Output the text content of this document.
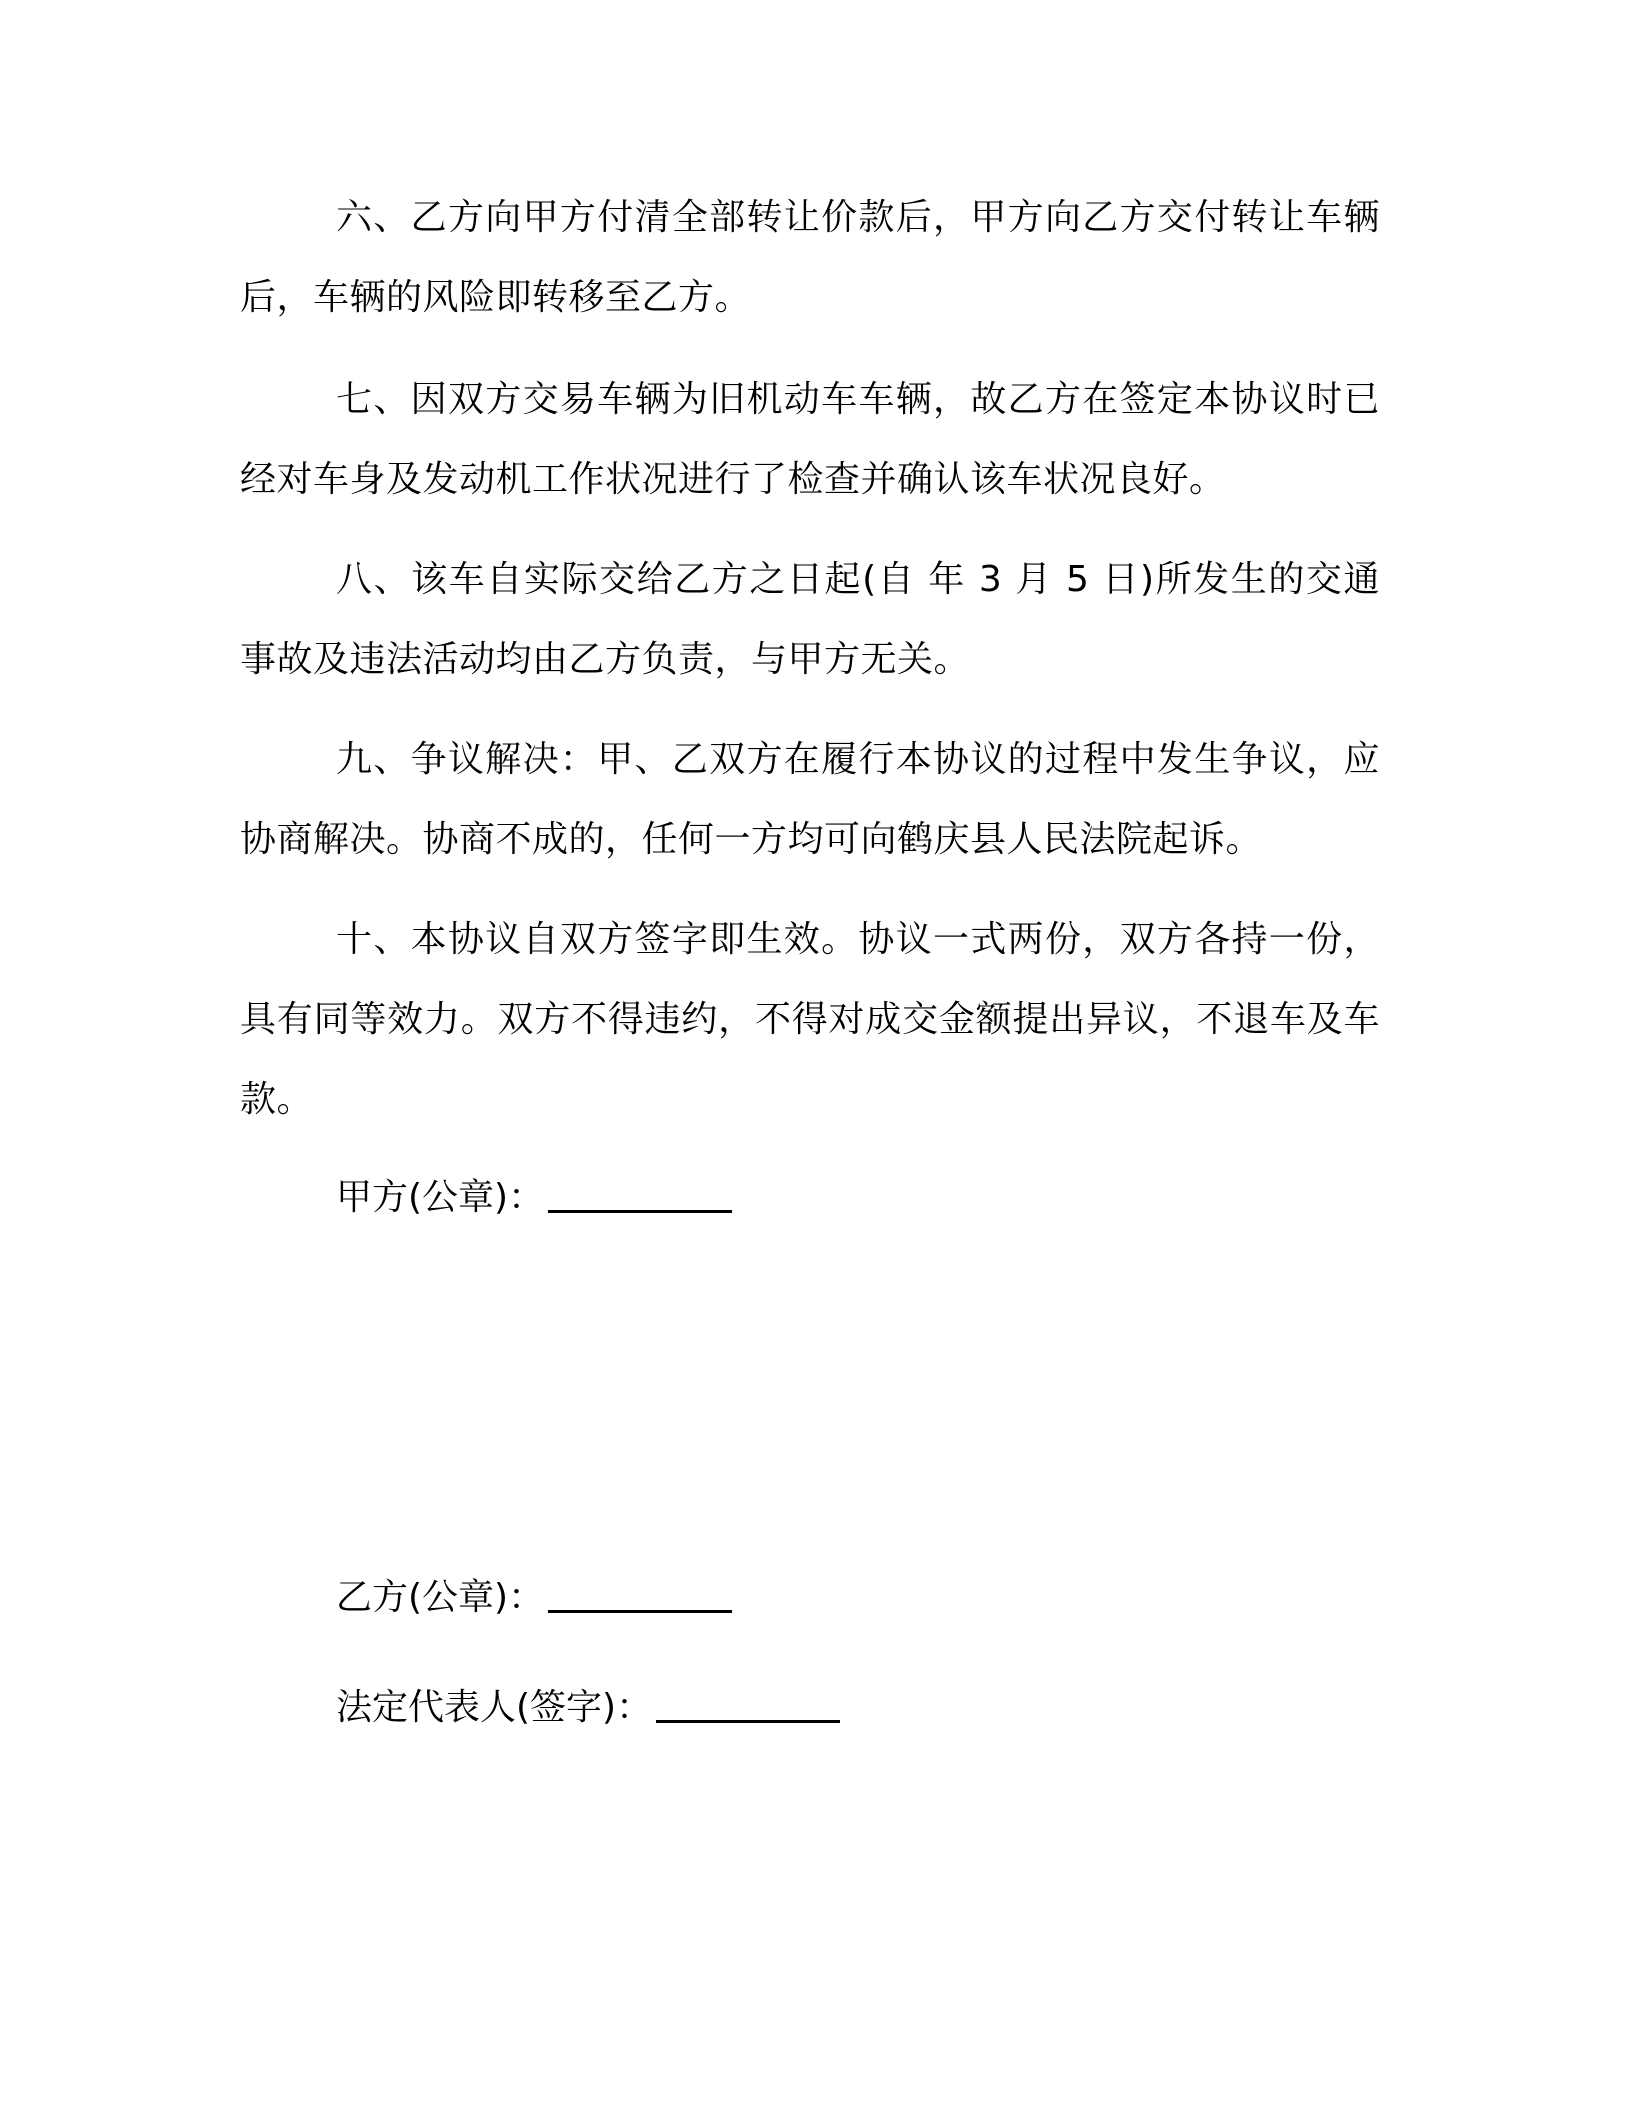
六、乙方向甲方付清全部转让价款后，甲方向乙方交付转让车辆后，车辆的风险即转移至乙方。

七、因双方交易车辆为旧机动车车辆，故乙方在签定本协议时已经对车身及发动机工作状况进行了检查并确认该车状况良好。

八、该车自实际交给乙方之日起(自 年 3 月 5 日)所发生的交通事故及违法活动均由乙方负责，与甲方无关。

九、争议解决：甲、乙双方在履行本协议的过程中发生争议，应协商解决。协商不成的，任何一方均可向鹤庆县人民法院起诉。

十、本协议自双方签字即生效。协议一式两份，双方各持一份，具有同等效力。双方不得违约，不得对成交金额提出异议，不退车及车款。

甲方(公章)：
乙方(公章)：
法定代表人(签字)：
